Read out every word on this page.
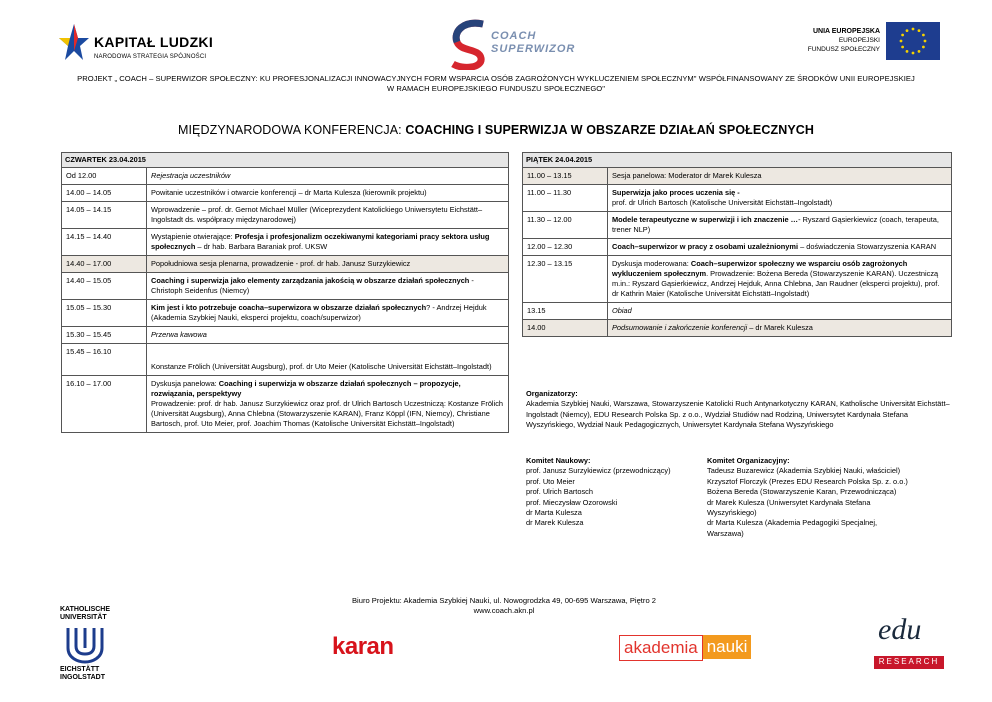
KAPITAŁ LUDZKI
NARODOWA STRATEGIA SPÓJNOŚCI
COACH
SUPERWIZOR
UNIA EUROPEJSKA
EUROPEJSKI
FUNDUSZ SPOŁECZNY
PROJEKT „ COACH – SUPERWIZOR SPOŁECZNY: KU PROFESJONALIZACJI INNOWACYJNYCH FORM WSPARCIA OSÓB ZAGROŻONYCH WYKLUCZENIEM SPOŁECZNYM" WSPÓŁFINANSOWANY ZE ŚRODKÓW UNII EUROPEJSKIEJ
W RAMACH EUROPEJSKIEGO FUNDUSZU SPOŁECZNEGO"
MIĘDZYNARODOWA KONFERENCJA: COACHING I SUPERWIZJA W OBSZARZE DZIAŁAŃ SPOŁECZNYCH
CZWARTEK 23.04.2015	
Od 12.00	Rejestracja uczestników
14.00 – 14.05	Powitanie uczestników i otwarcie konferencji – dr Marta Kulesza (kierownik projektu)
14.05 – 14.15	Wprowadzenie – prof. dr. Gernot Michael Müller (Wiceprezydent Katolickiego Uniwersytetu Eichstätt–Ingolstadt ds. współpracy międzynarodowej)
14.15 – 14.40	Wystąpienie otwierające: Profesja i profesjonalizm oczekiwanymi kategoriami pracy sektora usług społecznych – dr hab. Barbara Baraniak prof. UKSW
14.40 – 17.00	Popołudniowa sesja plenarna, prowadzenie - prof. dr hab. Janusz Surzykiewicz
14.40 – 15.05	Coaching i superwizja jako elementy zarządzania jakością w obszarze działań społecznych - Christoph Seidenfus (Niemcy)
15.05 – 15.30	Kim jest i kto potrzebuje coacha–superwizora w obszarze działań społecznych? - Andrzej Hejduk (Akademia Szybkiej Nauki, eksperci projektu, coach/superwizor)
15.30 – 15.45	Przerwa kawowa
15.45 – 16.10	Konstanze Frölich (Universität Augsburg), prof. dr Uto Meier (Katolische Universität Eichstätt–Ingolstadt)
16.10 – 17.00	Dyskusja panelowa: Coaching i superwizja w obszarze działań społecznych – propozycje, rozwiązania, perspektywy
Prowadzenie: prof. dr hab. Janusz Surzykiewicz oraz prof. dr Ulrich Bartosch Uczestniczą: Kostanze Frölich (Universität Augsburg), Anna Chlebna (Stowarzyszenie KARAN), Franz Köppl (IFN, Niemcy), Christiane Bartosch, prof. Uto Meier, prof. Joachim Thomas (Katolische Universität Eichstätt–Ingolstadt)
PIĄTEK 24.04.2015	
11.00 – 13.15	Sesja panelowa: Moderator dr Marek Kulesza
11.00 – 11.30	Superwizja jako proces uczenia się -
prof. dr Ulrich Bartosch (Katolische Universität Eichstätt–Ingolstadt)
11.30 – 12.00	Modele terapeutyczne w superwizji i ich znaczenie …- Ryszard Gąsierkiewicz (coach, terapeuta, trener NLP)
12.00 – 12.30	Coach–superwizor w pracy z osobami uzależnionymi – doświadczenia Stowarzyszenia KARAN
12.30 – 13.15	Dyskusja moderowana: Coach–superwizor społeczny we wsparciu osób zagrożonych wykluczeniem społecznym. Prowadzenie: Bożena Bereda (Stowarzyszenie KARAN). Uczestniczą m.in.: Ryszard Gąsierkiewicz, Andrzej Hejduk, Anna Chlebna, Jan Raudner (eksperci projektu), prof. dr Kathrin Maier (Katolische Universität Eichstätt–Ingolstadt)
13.15	Obiad
14.00	Podsumowanie i zakończenie konferencji – dr Marek Kulesza
Organizatorzy:
Akademia Szybkiej Nauki, Warszawa, Stowarzyszenie Katolicki Ruch Antynarkotyczny KARAN, Katholische Universität Eichstätt–Ingolstadt (Niemcy), EDU Research Polska Sp. z o.o., Wydział Studiów nad Rodziną, Uniwersytet Kardynała Stefana Wyszyńskiego, Wydział Nauk Pedagogicznych, Uniwersytet Kardynała Stefana Wyszyńskiego
Komitet Naukowy:
prof. Janusz Surzykiewicz (przewodniczący)
prof. Uto Meier
prof. Ulrich Bartosch
prof. Mieczysław Ozorowski
dr Marta Kulesza
dr Marek Kulesza
Komitet Organizacyjny:
Tadeusz Buzarewicz (Akademia Szybkiej Nauki, właściciel)
Krzysztof Florczyk (Prezes EDU Research Polska Sp. z. o.o.)
Bożena Bereda (Stowarzyszenie Karan, Przewodnicząca)
dr Marek Kulesza (Uniwersytet Kardynała Stefana
Wyszyńskiego)
dr Marta Kulesza (Akademia Pedagogiki Specjalnej,
Warszawa)
Biuro Projektu: Akademia Szybkiej Nauki, ul. Nowogrodzka 49, 00-695 Warszawa, Piętro 2
www.coach.akn.pl
KATHOLISCHE
UNIVERSITÄT
EICHSTÄTT
INGOLSTADT
karan	akademia nauki
edu
RESEARCH
